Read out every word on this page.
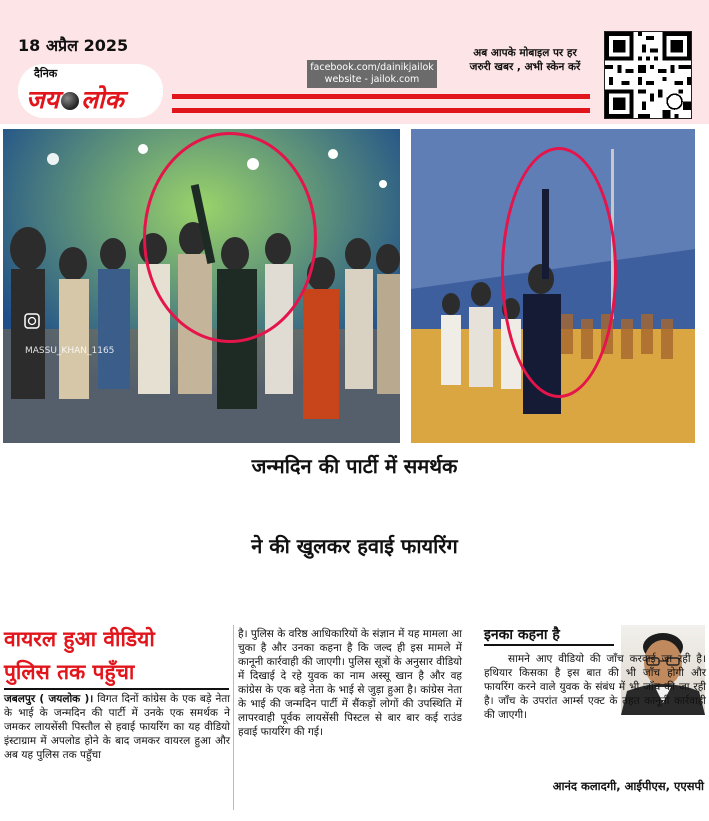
18 अप्रैल 2025
दैनिक
जय लोक
facebook.com/dainikjailok
website - jailok.com
अब आपके मोबाइल पर हर
जरुरी खबर , अभी स्केन करें
MASSU_KHAN_1165
जन्मदिन की पार्टी में समर्थक
ने की खुलकर हवाई फायरिंग
वायरल हुआ वीडियो
पुलिस तक पहुँचा
जबलपुर ( जयलोक )। विगत दिनों कांग्रेस के एक बड़े नेता के भाई के जन्मदिन की पार्टी में उनके एक समर्थक ने जमकर लायसेंसी पिस्तौल से हवाई फायरिंग का यह वीडियो इंस्टाग्राम में अपलोड होने के बाद जमकर वायरल हुआ और अब यह पुलिस तक पहुँचा
है। पुलिस के वरिष्ठ आधिकारियों के संज्ञान में यह मामला आ चुका है और उनका कहना है कि जल्द ही इस मामले में कानूनी कार्रवाही की जाएगी। पुलिस सूत्रों के अनुसार वीडियो में दिखाई दे रहे युवक का नाम अस्सू खान है और वह कांग्रेस के एक बड़े नेता के भाई से जुड़ा हुआ है। कांग्रेस नेता के भाई की जन्मदिन पार्टी में सैंकड़ों लोगों की उपस्थिति में लापरवाही पूर्वक लायसेंसी पिस्टल से बार बार कई राउंड हवाई फायरिंग की गई।
इनका कहना है
सामने आए वीडियो की जाँच करवाई जा रही है। हथियार किसका है इस बात की भी जाँच होगी और फायरिंग करने वाले युवक के संबंध में भी जाँच की जा रही है। जाँच के उपरांत आर्म्स एक्ट के तहत कानूनी कार्रवाही की जाएगी।
आनंद कलादगी, आईपीएस, एएसपी
